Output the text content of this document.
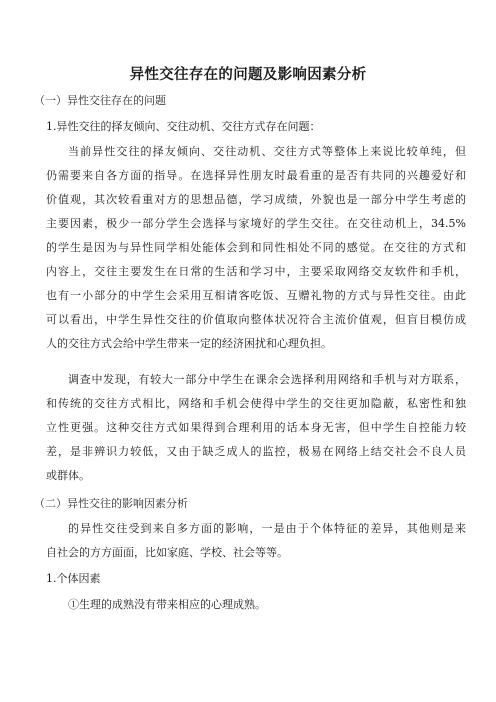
异性交往存在的问题及影响因素分析
（一）异性交往存在的问题
1.异性交往的择友倾向、交往动机、交往方式存在问题：
当前异性交往的择友倾向、交往动机、交往方式等整体上来说比较单纯，但
仍需要来自各方面的指导。在选择异性朋友时最看重的是否有共同的兴趣爱好和
价值观，其次较看重对方的思想品德，学习成绩，外貌也是一部分中学生考虑的
主要因素，极少一部分学生会选择与家境好的学生交往。在交往动机上，34.5%
的学生是因为与异性同学相处能体会到和同性相处不同的感觉。在交往的方式和
内容上，交往主要发生在日常的生活和学习中，主要采取网络交友软件和手机，
也有一小部分的中学生会采用互相请客吃饭、互赠礼物的方式与异性交往。由此
可以看出，中学生异性交往的价值取向整体状况符合主流价值观，但盲目模仿成
人的交往方式会给中学生带来一定的经济困扰和心理负担。
调查中发现，有较大一部分中学生在课余会选择利用网络和手机与对方联系，
和传统的交往方式相比，网络和手机会使得中学生的交往更加隐蔽，私密性和独
立性更强。这种交往方式如果得到合理利用的话本身无害，但中学生自控能力较
差，是非辨识力较低，又由于缺乏成人的监控，极易在网络上结交社会不良人员
或群体。
（二）异性交往的影响因素分析
的异性交往受到来自多方面的影响，一是由于个体特征的差异，其他则是来
自社会的方方面面，比如家庭、学校、社会等等。
1.个体因素
①生理的成熟没有带来相应的心理成熟。
